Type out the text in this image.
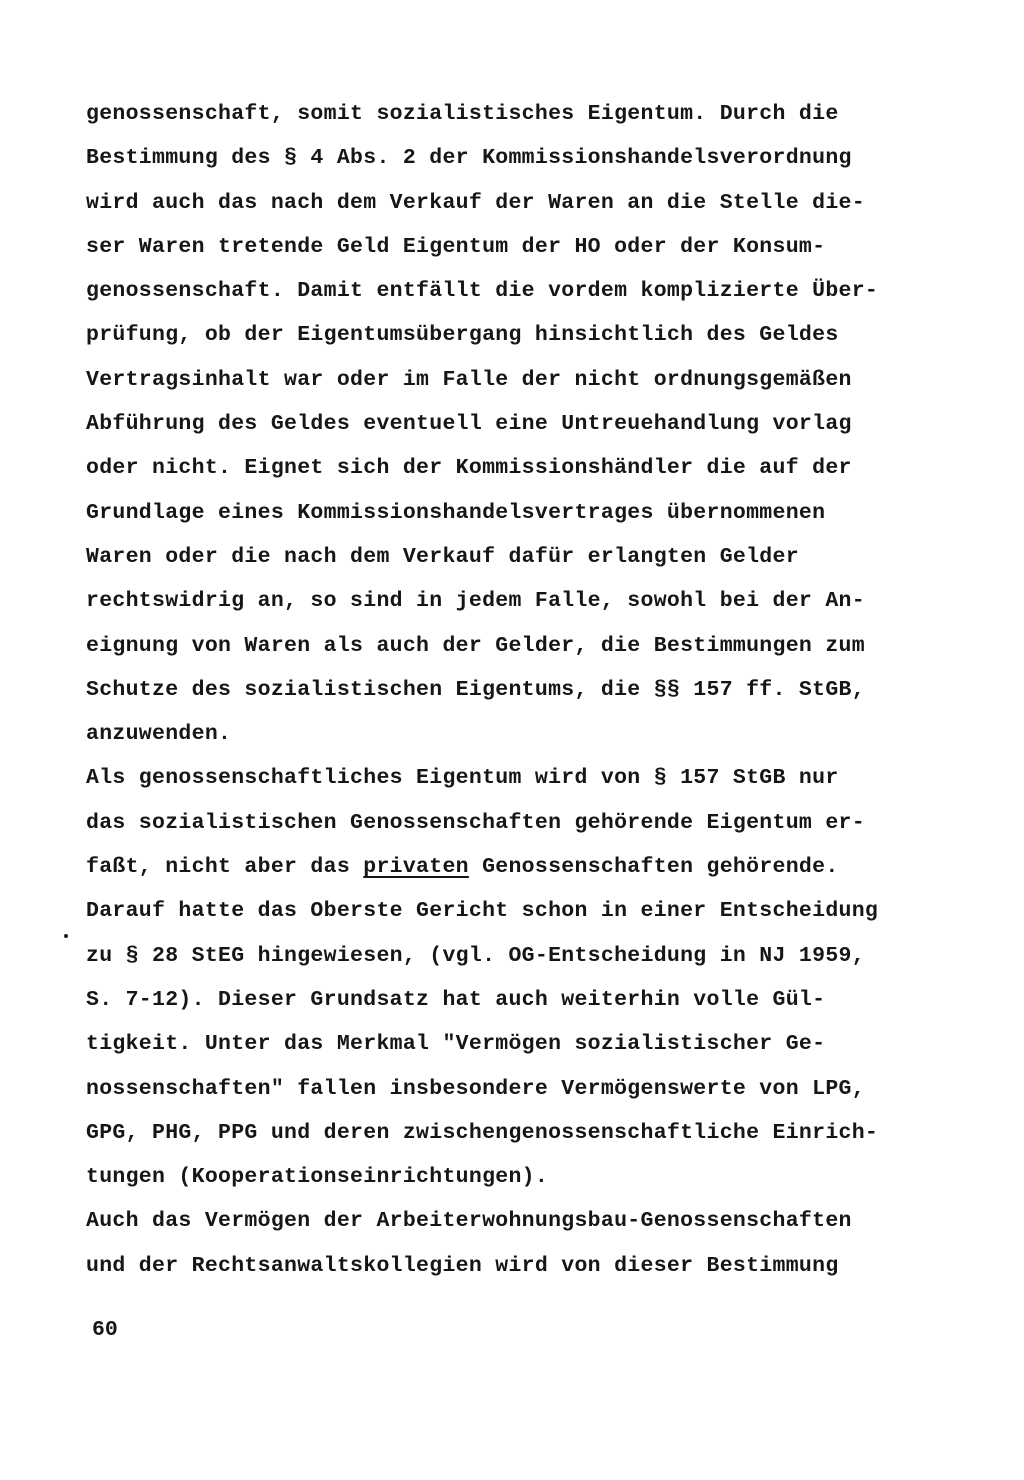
genossenschaft, somit sozialistisches Eigentum. Durch die
Bestimmung des § 4 Abs. 2 der Kommissionshandelsverordnung
wird auch das nach dem Verkauf der Waren an die Stelle die-
ser Waren tretende Geld Eigentum der HO oder der Konsum-
genossenschaft. Damit entfällt die vordem komplizierte Über-
prüfung, ob der Eigentumsübergang hinsichtlich des Geldes
Vertragsinhalt war oder im Falle der nicht ordnungsgemäßen
Abführung des Geldes eventuell eine Untreuehandlung vorlag
oder nicht. Eignet sich der Kommissionshändler die auf der
Grundlage eines Kommissionshandelsvertrages übernommenen
Waren oder die nach dem Verkauf dafür erlangten Gelder
rechtswidrig an, so sind in jedem Falle, sowohl bei der An-
eignung von Waren als auch der Gelder, die Bestimmungen zum
Schutze des sozialistischen Eigentums, die §§ 157 ff. StGB,
anzuwenden.
Als genossenschaftliches Eigentum wird von § 157 StGB nur
das sozialistischen Genossenschaften gehörende Eigentum er-
faßt, nicht aber das privaten Genossenschaften gehörende.
Darauf hatte das Oberste Gericht schon in einer Entscheidung
zu § 28 StEG hingewiesen, (vgl. OG-Entscheidung in NJ 1959,
S. 7-12). Dieser Grundsatz hat auch weiterhin volle Gül-
tigkeit. Unter das Merkmal "Vermögen sozialistischer Ge-
nossenschaften" fallen insbesondere Vermögenswerte von LPG,
GPG, PHG, PPG und deren zwischengenossenschaftliche Einrich-
tungen (Kooperationseinrichtungen).
Auch das Vermögen der Arbeiterwohnungsbau-Genossenschaften
und der Rechtsanwaltskollegien wird von dieser Bestimmung
60
